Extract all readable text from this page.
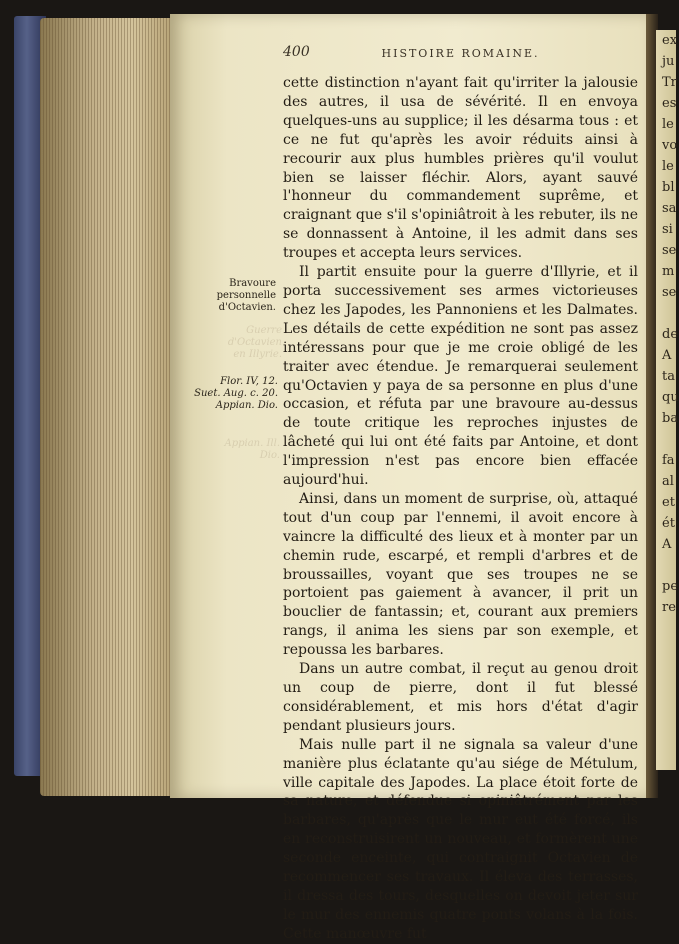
ex
ju
Tr
es
le
vo
le
bl
sa
si
se
m
se
de
A
ta
qu
ba
fa
al
et
ét
A
pe
re
400	HISTOIRE ROMAINE.
Guerre d'Octavien en Illyrie.
Appian. Ill. Dio.
Bravoure personnelle d'Octavien.
Flor. IV, 12. Suet. Aug. c. 20. Appian. Dio.

cette distinction n'ayant fait qu'irriter la jalousie des autres, il usa de sévérité. Il en envoya quelques-uns au supplice; il les désarma tous : et ce ne fut qu'après les avoir réduits ainsi à recourir aux plus humbles prières qu'il voulut bien se laisser fléchir. Alors, ayant sauvé l'honneur du commandement suprême, et craignant que s'il s'opiniâtroit à les rebuter, ils ne se donnassent à Antoine, il les admit dans ses troupes et accepta leurs services.

Il partit ensuite pour la guerre d'Illyrie, et il porta successivement ses armes victorieuses chez les Japodes, les Pannoniens et les Dalmates. Les détails de cette expédition ne sont pas assez intéressans pour que je me croie obligé de les traiter avec étendue. Je remarquerai seulement qu'Octavien y paya de sa personne en plus d'une occasion, et réfuta par une bravoure au-dessus de toute critique les reproches injustes de lâcheté qui lui ont été faits par Antoine, et dont l'impression n'est pas encore bien effacée aujourd'hui.

Ainsi, dans un moment de surprise, où, attaqué tout d'un coup par l'ennemi, il avoit encore à vaincre la difficulté des lieux et à monter par un chemin rude, escarpé, et rempli d'arbres et de broussailles, voyant que ses troupes ne se portoient pas gaiement à avancer, il prit un bouclier de fantassin; et, courant aux premiers rangs, il anima les siens par son exemple, et repoussa les barbares.

Dans un autre combat, il reçut au genou droit un coup de pierre, dont il fut blessé considérablement, et mis hors d'état d'agir pendant plusieurs jours.

Mais nulle part il ne signala sa valeur d'une manière plus éclatante qu'au siége de Métulum, ville capitale des Japodes. La place étoit forte de sa nature, et défendue si opiniâtrément par les barbares, qu'après que le mur eut été forcé, ils en reconstruisirent un nouveau, et formèrent une seconde enceinte, qui contraignit Octavien de recommencer ses travaux. Il éleva des terrasses, il dressa des tours, desquelles on devoit jeter sur le mur des ennemis quatre ponts volans à la fois. Cette manœuvre fut
